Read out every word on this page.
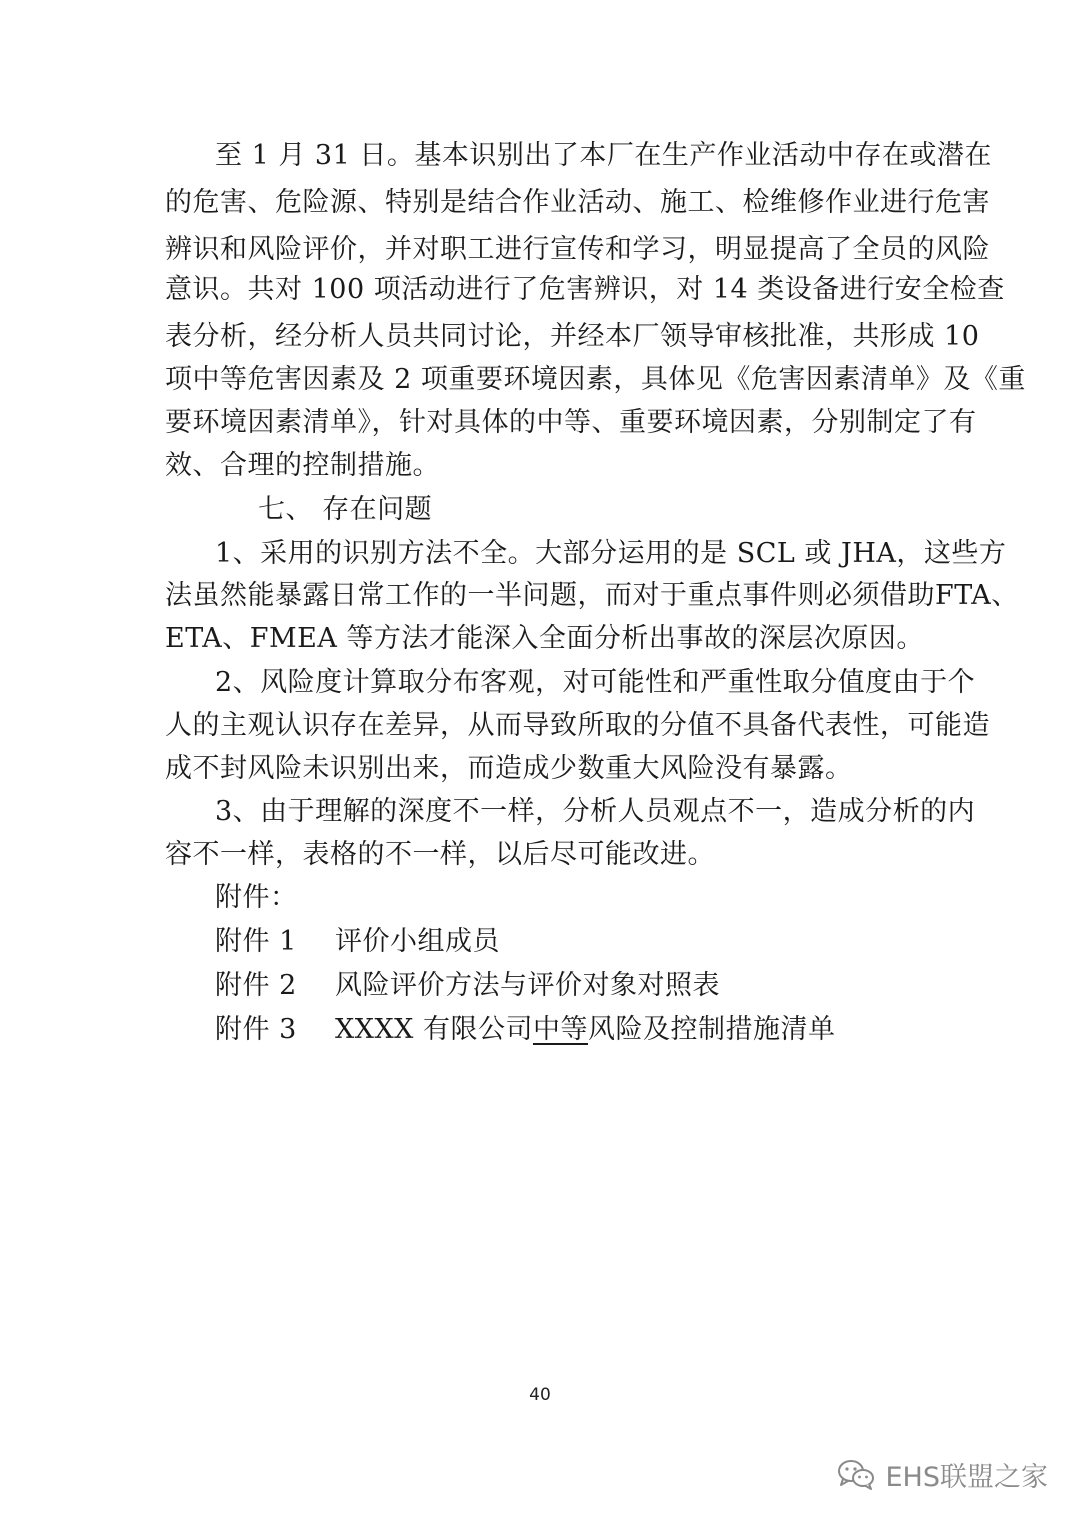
至 1 月 31 日。基本识别出了本厂在生产作业活动中存在或潜在
的危害、危险源、特别是结合作业活动、施工、检维修作业进行危害
辨识和风险评价，并对职工进行宣传和学习，明显提高了全员的风险
意识。共对 100 项活动进行了危害辨识，对 14 类设备进行安全检查
表分析，经分析人员共同讨论，并经本厂领导审核批准，共形成 10
项中等危害因素及 2 项重要环境因素，具体见《危害因素清单》及《重
要环境因素清单》，针对具体的中等、重要环境因素，分别制定了有
效、合理的控制措施。
七、 存在问题
1、采用的识别方法不全。大部分运用的是 SCL 或 JHA，这些方
法虽然能暴露日常工作的一半问题，而对于重点事件则必须借助FTA、
ETA、FMEA 等方法才能深入全面分析出事故的深层次原因。
2、风险度计算取分布客观，对可能性和严重性取分值度由于个
人的主观认识存在差异，从而导致所取的分值不具备代表性，可能造
成不封风险未识别出来，而造成少数重大风险没有暴露。
3、由于理解的深度不一样，分析人员观点不一，造成分析的内
容不一样，表格的不一样，以后尽可能改进。
附件：
附件 1 评价小组成员
附件 2 风险评价方法与评价对象对照表
附件 3 XXXX 有限公司中等风险及控制措施清单
40
EHS联盟之家
